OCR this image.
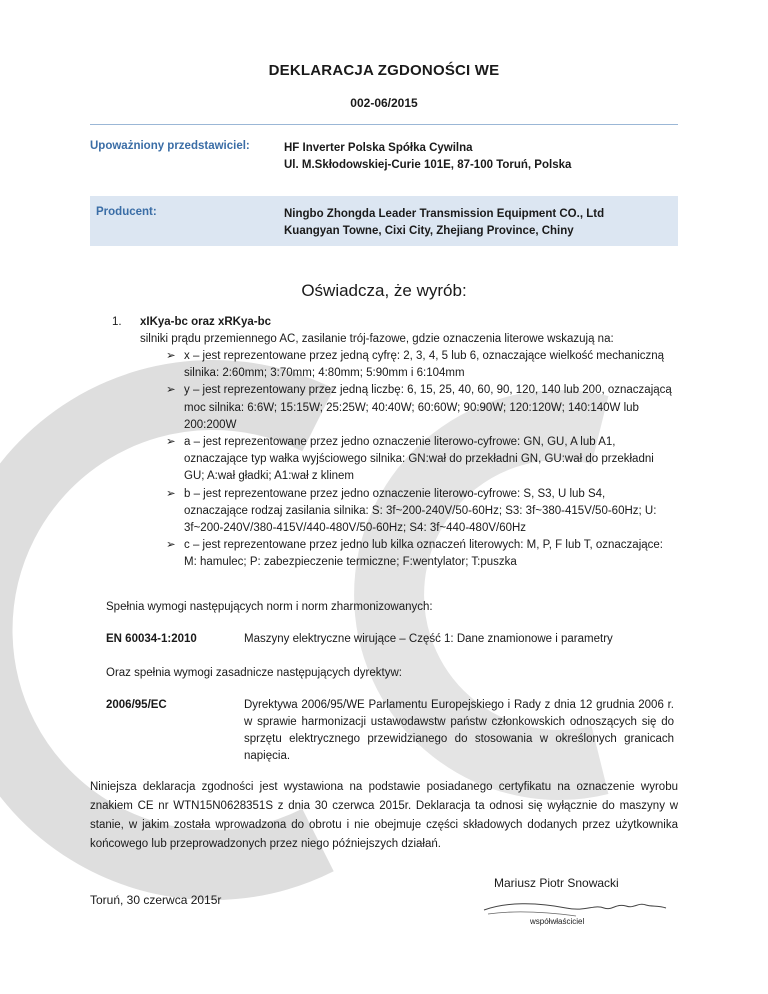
DEKLARACJA ZGDONOŚCI WE
002-06/2015
Upoważniony przedstawiciel:	HF Inverter Polska Spółka Cywilna
Ul. M.Skłodowskiej-Curie 101E, 87-100 Toruń, Polska
Producent:	Ningbo Zhongda Leader Transmission Equipment CO., Ltd
Kuangyan Towne, Cixi City, Zhejiang Province, Chiny
Oświadcza, że wyrób:
1. xIKya-bc oraz xRKya-bc
silniki prądu przemiennego AC, zasilanie trój-fazowe, gdzie oznaczenia literowe wskazują na:

➢ x – jest reprezentowane przez jedną cyfrę: 2, 3, 4, 5 lub 6, oznaczające wielkość mechaniczną silnika: 2:60mm; 3:70mm; 4:80mm; 5:90mm i 6:104mm

➢ y – jest reprezentowany przez jedną liczbę: 6, 15, 25, 40, 60, 90, 120, 140 lub 200, oznaczającą moc silnika: 6:6W; 15:15W; 25:25W; 40:40W; 60:60W; 90:90W; 120:120W; 140:140W lub 200:200W

➢ a – jest reprezentowane przez jedno oznaczenie literowo-cyfrowe: GN, GU, A lub A1, oznaczające typ wałka wyjściowego silnika: GN:wał do przekładni GN, GU:wał do przekładni GU; A:wał gładki; A1:wał z klinem

➢ b – jest reprezentowane przez jedno oznaczenie literowo-cyfrowe: S, S3, U lub S4, oznaczające rodzaj zasilania silnika: S: 3f~200-240V/50-60Hz; S3: 3f~380-415V/50-60Hz; U: 3f~200-240V/380-415V/440-480V/50-60Hz; S4: 3f~440-480V/60Hz

➢ c – jest reprezentowane przez jedno lub kilka oznaczeń literowych: M, P, F lub T, oznaczające: M: hamulec; P: zabezpieczenie termiczne; F:wentylator; T:puszka

Spełnia wymogi następujących norm i norm zharmonizowanych:
EN 60034-1:2010	Maszyny elektryczne wirujące – Część 1: Dane znamionowe i parametry
Oraz spełnia wymogi zasadnicze następujących dyrektyw:
2006/95/EC	Dyrektywa 2006/95/WE Parlamentu Europejskiego i Rady z dnia 12 grudnia 2006 r. w sprawie harmonizacji ustawodawstw państw członkowskich odnoszących się do sprzętu elektrycznego przewidzianego do stosowania w określonych granicach napięcia.
Niniejsza deklaracja zgodności jest wystawiona na podstawie posiadanego certyfikatu na oznaczenie wyrobu znakiem CE nr WTN15N0628351S z dnia 30 czerwca 2015r. Deklaracja ta odnosi się wyłącznie do maszyny w stanie, w jakim została wprowadzona do obrotu i nie obejmuje części składowych dodanych przez użytkownika końcowego lub przeprowadzonych przez niego późniejszych działań.
Mariusz Piotr Snowacki
Toruń, 30 czerwca 2015r
współwłaściciel
